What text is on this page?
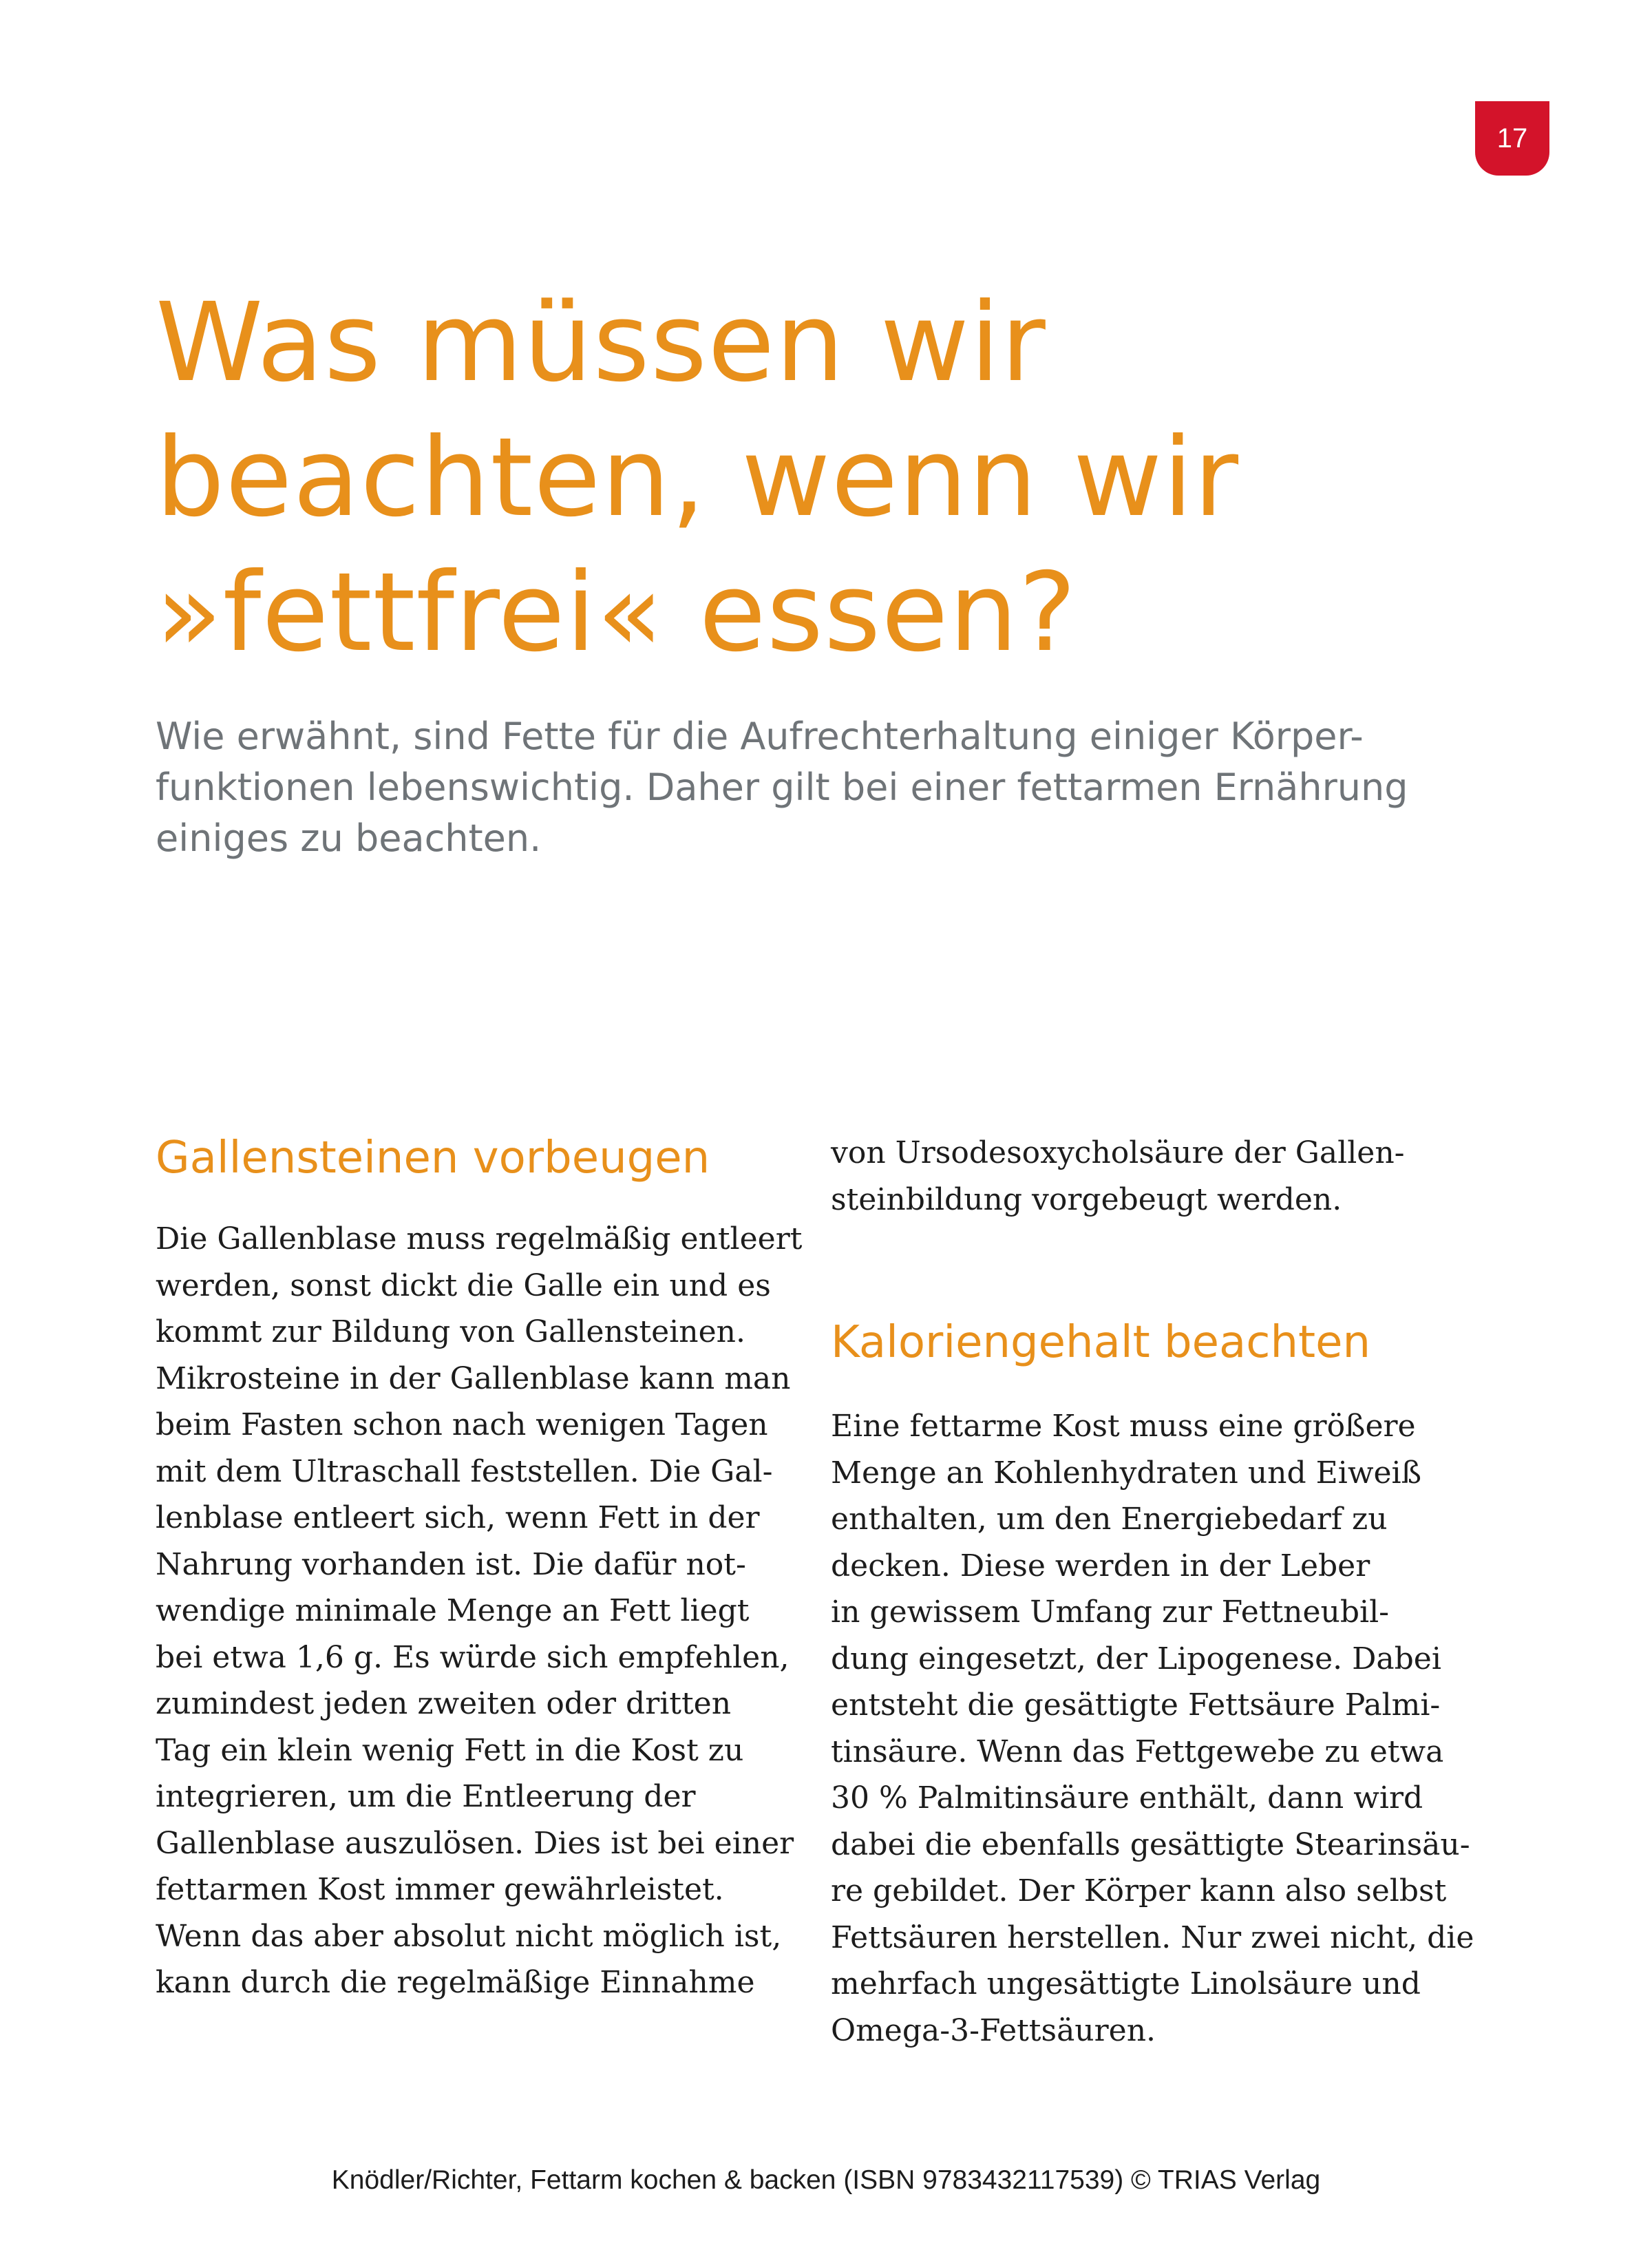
17
Was müssen wir
beachten, wenn wir
»fettfrei« essen?

Wie erwähnt, sind Fette für die Aufrechterhaltung einiger Körper-
funktionen lebenswichtig. Daher gilt bei einer fettarmen Ernährung
einiges zu beachten.

Gallensteinen vorbeugen

Die Gallenblase muss regelmäßig entleert
werden, sonst dickt die Galle ein und es
kommt zur Bildung von Gallensteinen.
Mikrosteine in der Gallenblase kann man
beim Fasten schon nach wenigen Tagen
mit dem Ultraschall feststellen. Die Gal-
lenblase entleert sich, wenn Fett in der
Nahrung vorhanden ist. Die dafür not-
wendige minimale Menge an Fett liegt
bei etwa 1,6 g. Es würde sich empfehlen,
zumindest jeden zweiten oder dritten
Tag ein klein wenig Fett in die Kost zu
integrieren, um die Entleerung der
Gallenblase auszulösen. Dies ist bei einer
fettarmen Kost immer gewährleistet.
Wenn das aber absolut nicht möglich ist,
kann durch die regelmäßige Einnahme

von Ursodesoxycholsäure der Gallen-
steinbildung vorgebeugt werden.

Kaloriengehalt beachten

Eine fettarme Kost muss eine größere
Menge an Kohlenhydraten und Eiweiß
enthalten, um den Energiebedarf zu
decken. Diese werden in der Leber
in gewissem Umfang zur Fettneubil-
dung eingesetzt, der Lipogenese. Dabei
entsteht die gesättigte Fettsäure Palmi-
tinsäure. Wenn das Fettgewebe zu etwa
30 % Palmitinsäure enthält, dann wird
dabei die ebenfalls gesättigte Stearinsäu-
re gebildet. Der Körper kann also selbst
Fettsäuren herstellen. Nur zwei nicht, die
mehrfach ungesättigte Linolsäure und
Omega-3-Fettsäuren.

Knödler/Richter, Fettarm kochen & backen (ISBN 9783432117539) © TRIAS Verlag
